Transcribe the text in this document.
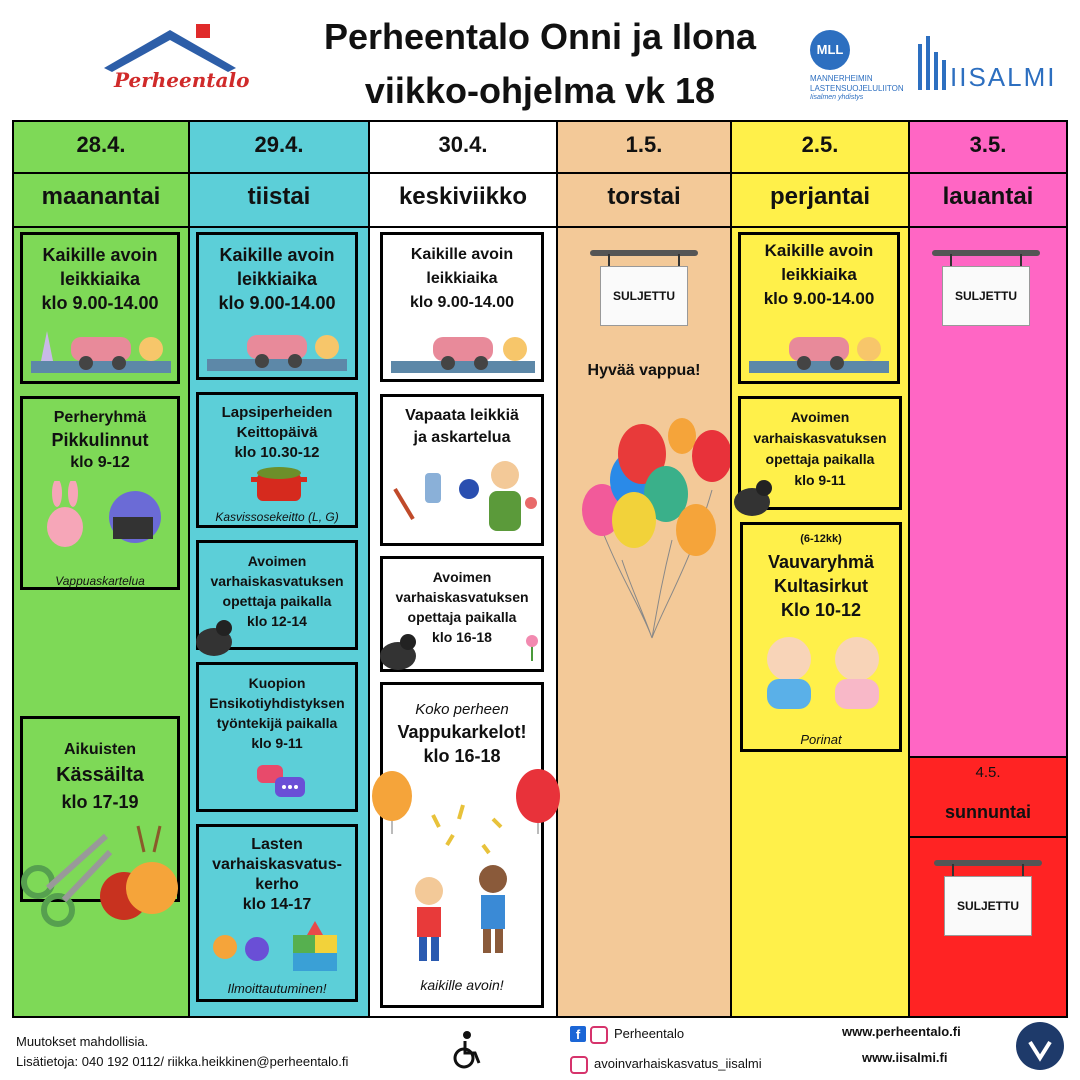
Perheentalo
Perheentalo Onni ja Ilona
viikko-ohjelma vk 18
MLL
MANNERHEIMIN
LASTENSUOJELULIITON
Iisalmen yhdistys
IISALMI
28.4.
maanantai
Kaikille avoin
leikkiaika
klo 9.00-14.00
Perheryhmä
Pikkulinnut
klo 9-12
Vappuaskartelua
Aikuisten
Kässäilta
klo 17-19
29.4.
tiistai
Kaikille avoin
leikkiaika
klo 9.00-14.00
Lapsiperheiden
Keittopäivä
klo 10.30-12
Kasvissosekeitto (L, G)
Avoimen
varhaiskasvatuksen
opettaja paikalla
klo 12-14
Kuopion
Ensikotiyhdistyksen
työntekijä paikalla
klo 9-11
Lasten
varhaiskasvatus-
kerho
klo 14-17
Ilmoittautuminen!
30.4.
keskiviikko
Kaikille avoin
leikkiaika
klo 9.00-14.00
Vapaata leikkiä
ja askartelua
Avoimen
varhaiskasvatuksen
opettaja paikalla
klo 16-18
Koko perheen
Vappukarkelot!
klo 16-18
kaikille avoin!
1.5.
torstai
SULJETTU
Hyvää vappua!
2.5.
perjantai
Kaikille avoin
leikkiaika
klo 9.00-14.00
Avoimen
varhaiskasvatuksen
opettaja paikalla
klo 9-11
(6-12kk)
Vauvaryhmä
Kultasirkut
Klo 10-12
Porinat
3.5.
lauantai
SULJETTU
4.5.
sunnuntai
SULJETTU
Muutokset mahdollisia.
Lisätietoja: 040 192 0112/ riikka.heikkinen@perheentalo.fi
f	Perheentalo
avoinvarhaiskasvatus_iisalmi
www.perheentalo.fi
www.iisalmi.fi
